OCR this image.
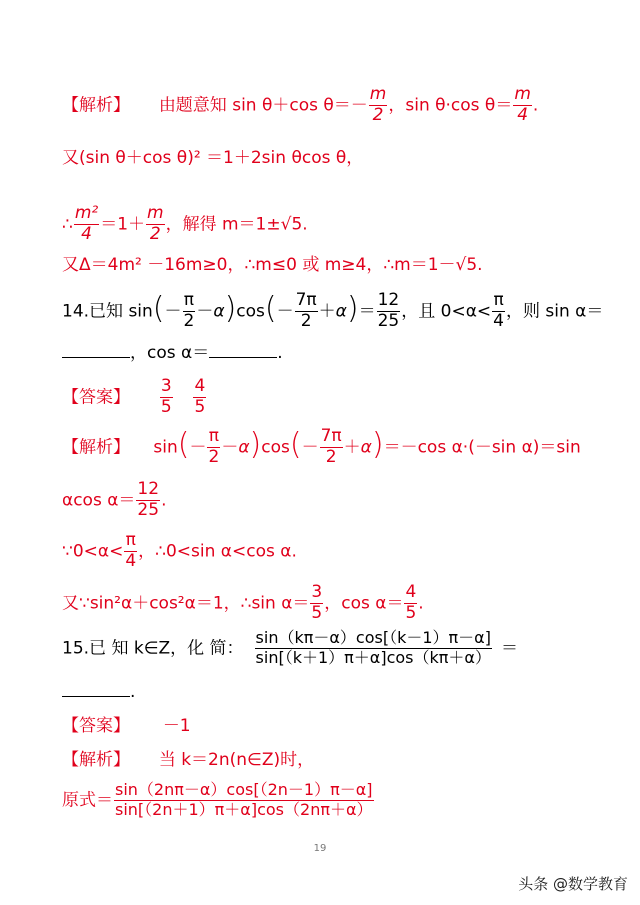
【解析】 由题意知 sin θ＋cos $\theta=- \frac{m}{2}$ ，sin θ·cos $\theta= \frac{m}{4}$ .
又(sin θ＋cos θ)² ＝1＋2sin θcos θ，
∴ $\frac{\text{m²}}{4} =1+ \frac{m}{2}$ ，解得 m＝1±√5.
又Δ＝4m² －16m≥0，∴m≤0 或 m≥4，∴m＝1－√5.
14.已知 $\sin(- \frac{\pi}{2} -\alpha)\cos(- \frac{7\pi}{2} +\alpha)= \frac{12}{25}$ ，且 $0<\alpha< \frac{\pi}{4}$ ，则 sin α＝
，cos α＝	.
【答案】 $\frac{3}{5}$
$\frac{4}{5}$
【解析】 $\sin(- \frac{\pi}{2} -\alpha)\cos(- \frac{7\pi}{2} +\alpha)=-\cos$ α·(－sin α)＝sin
αcos $\alpha= \frac{12}{25}$ .
∵0<α< $\frac{\pi}{4}$ ，∴0<sin α<cos α.
又∵sin²α＋cos²α＝1，∴sin $\alpha= \frac{3}{5}$ ，$\cos \alpha= \frac{4}{5}$ .
15.已 知 k∈Z，化 简： $\frac{\sin(k\pi-\alpha)\cos[(k-1)\pi-\alpha]}{\sin[(k+1)\pi+\alpha]\cos(k\pi+\alpha)}$ ＝
.
【答案】 －1
【解析】 当 k＝2n(n∈Z)时，
原式＝ $\frac{\sin(2n\pi-\alpha)\cos[(2n-1)\pi-\alpha]}{\sin[(2n+1)\pi+\alpha]\cos(2n\pi+\alpha)}$
19
头条 @数学教育
